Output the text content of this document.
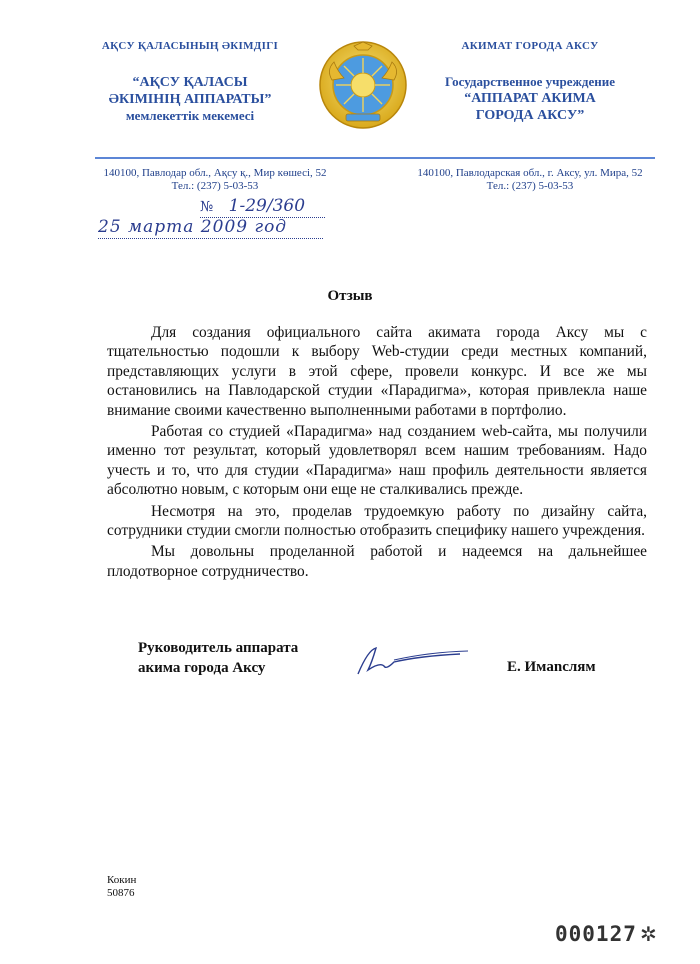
АҚСУ ҚАЛАСЫНЫҢ ӘКІМДІГІ
“АҚСУ ҚАЛАСЫ
ӘКІМІНІҢ АППАРАТЫ”
мемлекеттік мекемесі
АКИМАТ ГОРОДА АКСУ
Государственное учреждение
“АППАРАТ АКИМА
ГОРОДА АКСУ”
140100, Павлодар обл., Ақсу қ., Мир көшесі, 52
Тел.: (237) 5-03-53
140100, Павлодарская обл., г. Аксу, ул. Мира, 52
Тел.: (237) 5-03-53
№ 1-29/360
25 марта 2009 год
Отзыв

Для создания официального сайта акимата города Аксу мы с тщательностью подошли к выбору Web-студии среди местных компаний, представляющих услуги в этой сфере, провели конкурс. И все же мы остановились на Павлодарской студии «Парадигма», которая привлекла наше внимание своими качественно выполненными работами в портфолио.

Работая со студией «Парадигма» над созданием web-сайта, мы получили именно тот результат, который удовлетворял всем нашим требованиям. Надо учесть и то, что для студии «Парадигма» наш профиль деятельности является абсолютно новым, с которым они еще не сталкивались прежде.

Несмотря на это, проделав трудоемкую работу по дизайну сайта, сотрудники студии смогли полностью отобразить специфику нашего учреждения.

Мы довольны проделанной работой и надеемся на дальнейшее плодотворное сотрудничество.

Руководитель аппарата
акима города Аксу	Е. Имanслям
Кокин
50876
000127 ✲
